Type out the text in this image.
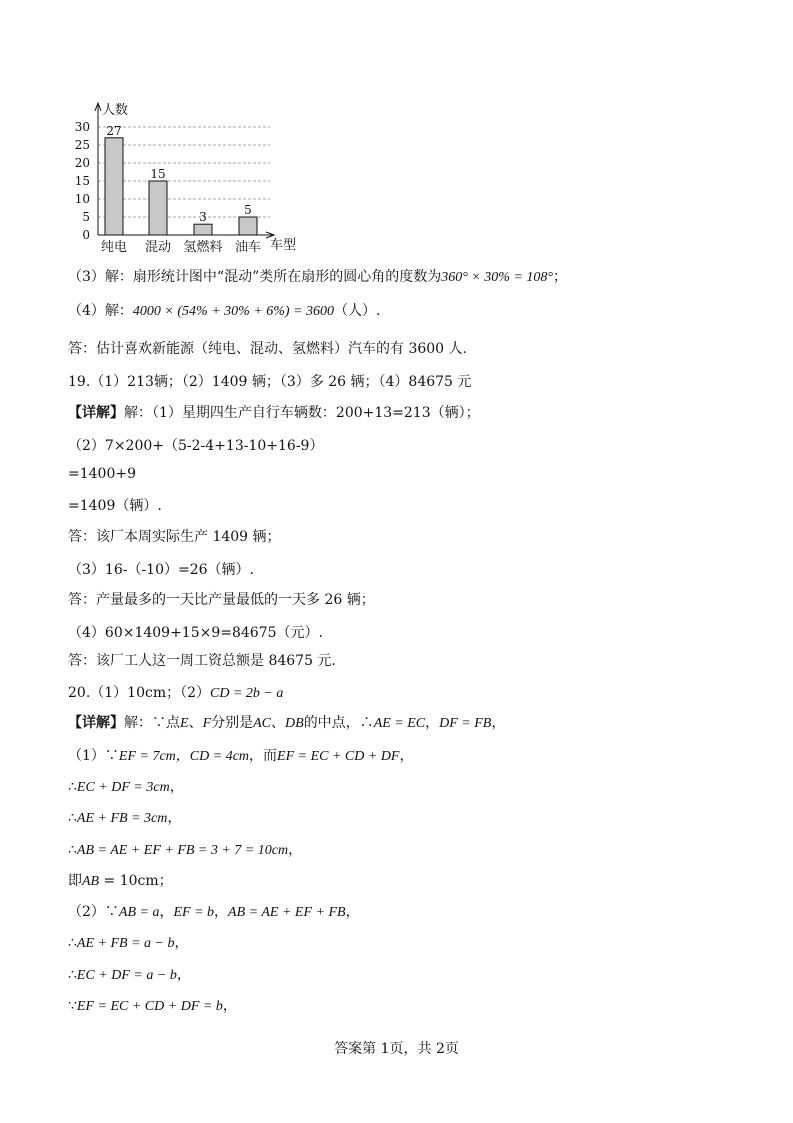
0
5
10
15
20
25
30
人数
车型
27
纯电
15
混动
3
氢燃料
5
油车
（3）解：扇形统计图中“混动”类所在扇形的圆心角的度数为360° × 30% = 108°；
（4）解：4000 × (54% + 30% + 6%) = 3600（人）.
答：估计喜欢新能源（纯电、混动、氢燃料）汽车的有 3600 人.
19.（1）213辆；（2）1409 辆；（3）多 26 辆；（4）84675 元
【详解】解：（1）星期四生产自行车辆数：200+13=213（辆）；
（2）7×200+（5-2-4+13-10+16-9）
=1400+9
=1409（辆）.
答：该厂本周实际生产 1409 辆；
（3）16-（-10）=26（辆）.
答：产量最多的一天比产量最低的一天多 26 辆；
（4）60×1409+15×9=84675（元）.
答：该厂工人这一周工资总额是 84675 元.
20.（1）10cm；（2）CD = 2b − a
【详解】解：∵点E、F分别是AC、DB的中点，∴AE = EC，DF = FB，
（1）∵EF = 7cm，CD = 4cm，而EF = EC + CD + DF，
∴EC + DF = 3cm，
∴AE + FB = 3cm，
∴AB = AE + EF + FB = 3 + 7 = 10cm，
即AB = 10cm；
（2）∵AB = a，EF = b，AB = AE + EF + FB，
∴AE + FB = a − b，
∴EC + DF = a − b，
∵EF = EC + CD + DF = b，
答案第 1页，共 2页
